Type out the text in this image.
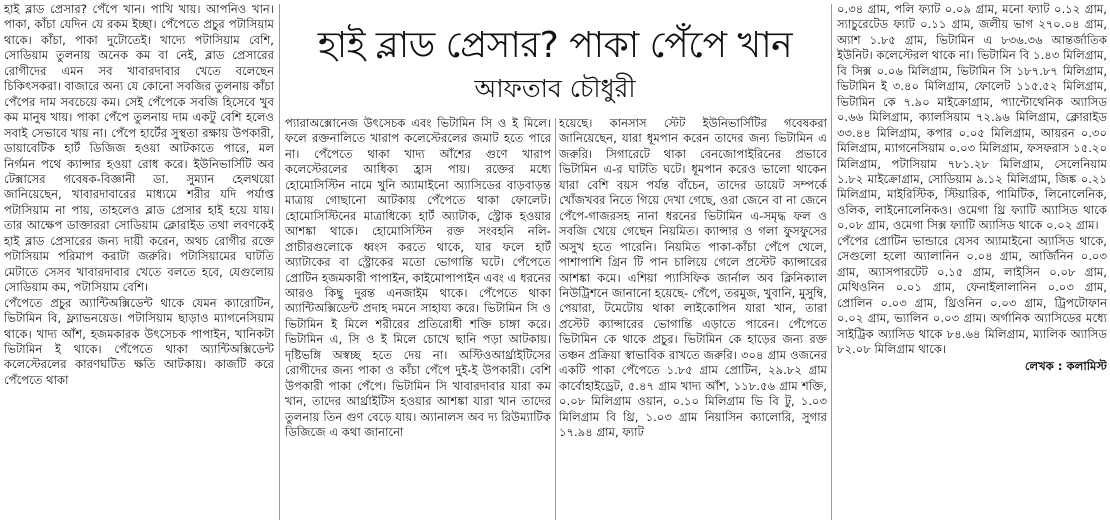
হাই ব্লাড প্রেসার? পাকা পেঁপে খান
আফতাব চৌধুরী

হাই ব্লাড প্রেসার? পেঁপে খান। পাখি খায়। আপনিও খান। পাকা, কাঁচা যেদিন যে রকম ইচ্ছা। পেঁপেতে প্রচুর পটাসিয়াম থাকে। কাঁচা, পাকা দুটোতেই। খাদ্যে পটাসিয়াম বেশি, সোডিয়াম তুলনায় অনেক কম বা নেই, ব্লাড প্রেসারের রোগীদের এমন সব খাবারদাবার খেতে বলেছেন চিকিৎসকরা। বাজারে অন্য যে কোনো সবজির তুলনায় কাঁচা পেঁপের দাম সবচেয়ে কম। সেই পেঁপেকে সবজি হিসেবে খুব কম মানুষ খায়। পাকা পেঁপে তুলনায় দাম একটু বেশি হলেও সবাই সেভাবে খায় না। পেঁপে হার্টের সুস্থতা রক্ষায় উপকারী, ডায়াবেটিক হার্ট ডিজিজ হওয়া আটকাতে পারে, মল নির্গমন পথে ক্যান্সার হওয়া রোধ করে। ইউনিভার্সিটি অব টেক্সাসের গবেষক-বিজ্ঞানী ডা. সুম্যান হেলথয়ো জানিয়েছেন, খাবারদাবারের মাধ্যমে শরীর যদি পর্যাপ্ত পটাসিয়াম না পায়, তাহলেও ব্লাড প্রেসার হাই হয়ে যায়। তার আক্ষেপ ডাক্তাররা সোডিয়াম ক্লোরাইড তথা লবণকেই হাই ব্লাড প্রেসারের জন্য দায়ী করেন, অথচ রোগীর রক্তে পটাসিয়াম পরিমাপ করাটা জরুরি। পটাসিয়ামের ঘাটতি মেটাতে সেসব খাবারদাবার খেতে বলতে হবে, যেগুলোয় সোডিয়াম কম, পটাসিয়াম বেশি।

পেঁপেতে প্রচুর অ্যান্টিঅক্সিডেন্ট থাকে যেমন ক্যারোটিন, ভিটামিন বি, ফ্ল্যাভনয়েড। পটাসিয়াম ছাড়াও ম্যাগনেসিয়াম থাকে। খাদ্য আঁশ, হজমকারক উৎসেচক পাপাইন, খানিকটা ভিটামিন ই থাকে। পেঁপেতে থাকা অ্যান্টিঅক্সিডেন্ট কলেস্টেরলের কারণঘটিত ক্ষতি আটকায়। কাজটি করে পেঁপেতে থাকা

প্যারাঅক্সোনেজ উৎসেচক এবং ভিটামিন সি ও ই মিলে। ফলে রক্তনালিতে খারাপ কলেস্টেরলের জমাট হতে পারে না। পেঁপেতে থাকা খাদ্য আঁশের গুণে খারাপ কলেস্টেরলের আধিক্য হ্রাস পায়। রক্তের মধ্যে হোমোসিস্টিন নামে খুনি অ্যামাইনো অ্যাসিডের বাড়বাড়ন্ত মাত্রায় গোছানো আটকায় পেঁপেতে থাকা ফোলেট। হোমোসিস্টিনের মাত্রাধিক্যে হার্ট অ্যাটাক, স্ট্রোক হওয়ার আশঙ্কা থাকে। হোমোসিস্টিন রক্ত সংবহনি নলি-প্রাচীরগুলোকে ধ্বংস করতে থাকে, যার ফলে হার্ট অ্যাটাকের বা স্ট্রোকের মতো ভোগান্তি ঘটে। পেঁপেতে প্রোটিন হজমকারী পাপাইন, কাইমোপাপাইন এবং এ ধরনের আরও কিছু দুরন্ত এনজাইম থাকে। পেঁপেতে থাকা অ্যান্টিঅক্সিডেন্ট প্রদাহ দমনে সাহায্য করে। ভিটামিন সি ও ভিটামিন ই মিলে শরীরের প্রতিরোধী শক্তি চাঙ্গা করে। ভিটামিন এ, সি ও ই মিলে চোখে ছানি পড়া আটকায়। দৃষ্টিভঙ্গি অস্বচ্ছ হতে দেয় না। অস্টিওআর্থ্রাইটিসের রোগীদের জন্য পাকা ও কাঁচা পেঁপে দুই-ই উপকারী। বেশি উপকারী পাকা পেঁপে। ভিটামিন সি খাবারদাবার যারা কম খান, তাদের আর্থ্রাইটিস হওয়ার আশঙ্কা যারা খান তাদের তুলনায় তিন গুণ বেড়ে যায়। অ্যানালস অব দ্য রিউম্যাটিক ডিজিজে এ কথা জানানো

হয়েছে। কানসাস স্টেট ইউনিভার্সিটির গবেষকরা জানিয়েছেন, যারা ধূমপান করেন তাদের জন্য ভিটামিন এ জরুরি। সিগারেটে থাকা বেনজোপাইরিনের প্রভাবে ভিটামিন এ-র ঘাটতি ঘটে। ধূমপান করেও ভালো থাকেন যারা বেশি বয়স পর্যন্ত বাঁচেন, তাদের ডায়েট সম্পর্কে খোঁজখবর নিতে গিয়ে দেখা গেছে, ওরা জেনে বা না জেনে পেঁপে-গাজরসহ নানা ধরনের ভিটামিন এ-সমৃদ্ধ ফল ও সবজি খেয়ে গেছেন নিয়মিত। ক্যান্সার ও গলা ফুসফুসের অসুখ হতে পারেনি। নিয়মিত পাকা-কাঁচা পেঁপে খেলে, পাশাপাশি গ্রিন টি পান চালিয়ে গেলে প্রস্টেট ক্যান্সারের আশঙ্কা কমে। এশিয়া প্যাসিফিক জার্নাল অব ক্লিনিক্যাল নিউট্রিশনে জানানো হয়েছে- পেঁপে, তরমুজ, খুবানি, মুসুম্বি, পেয়ারা, টমেটোয় থাকা লাইকোপিন যারা খান, তারা প্রস্টেট ক্যান্সারের ভোগান্তি এড়াতে পারেন। পেঁপেতে ভিটামিন কে থাকে প্রচুর। ভিটামিন কে হাড়ের জন্য রক্ত তঞ্চন প্রক্রিয়া স্বাভাবিক রাখতে জরুরি। ৩০৪ গ্রাম ওজনের একটি পাকা পেঁপেতে ১.৮৫ গ্রাম প্রোটিন, ২৯.৮২ গ্রাম কার্বোহাইড্রেট, ৫.৪৭ গ্রাম খাদ্য আঁশ, ১১৮.৫৬ গ্রাম শক্তি, ০.০৮ মিলিগ্রাম ওয়ান, ০.১০ মিলিগ্রাম ভি বি টু, ১.০৩ মিলিগ্রাম বি থ্রি, ১.০৩ গ্রাম নিয়াসিন ক্যালোরি, সুগার ১৭.৯৪ গ্রাম, ফ্যাট

০.৩৪ গ্রাম, পলি ফ্যাট ০.০৯ গ্রাম, মনো ফ্যাট ০.১২ গ্রাম, স্যাচুরেটেড ফ্যাট ০.১১ গ্রাম, জলীয় ভাগ ২৭০.০৪ গ্রাম, অ্যাশ ১.৮৫ গ্রাম, ভিটামিন এ ৮৩৬.৩৬ আন্তর্জাতিক ইউনিট। কলেস্টেরল থাকে না। ভিটামিন বি ১.৪৩ মিলিগ্রাম, বি সিক্স ০.০৬ মিলিগ্রাম, ভিটামিন সি ১৮৭.৮৭ মিলিগ্রাম, ভিটামিন ই ৩.৪০ মিলিগ্রাম, ফোলেট ১১৫.৫২ মিলিগ্রাম, ভিটামিন কে ৭.৯০ মাইক্রোগ্রাম, প্যান্টোথেনিক অ্যাসিড ০.৬৬ মিলিগ্রাম, ক্যালসিয়াম ৭২.৯৬ মিলিগ্রাম, ক্লোরাইড ৩৩.৪৪ মিলিগ্রাম, কপার ০.০৫ মিলিগ্রাম, আয়রন ০.৩০ মিলিগ্রাম, ম্যাগনেসিয়াম ০.০৩ মিলিগ্রাম, ফসফরাস ১৫.২০ মিলিগ্রাম, পটাসিয়াম ৭৮১.২৮ মিলিগ্রাম, সেলেনিয়াম ১.৮২ মাইক্রোগ্রাম, সোডিয়াম ৯.১২ মিলিগ্রাম, জিঙ্ক ০.২১ মিলিগ্রাম, মাইরিস্টিক, স্টিয়ারিক, পামিটিক, লিনোলেনিক, ওলিক, লাইনোলেনিকও। ওমেগা থ্রি ফ্যাটি অ্যাসিড থাকে ০.০৮ গ্রাম, ওমেগা সিক্স ফ্যাটি অ্যাসিড থাকে ০.০২ গ্রাম।

পেঁপের প্রোটিন ভান্ডারে যেসব অ্যামাইনো অ্যাসিড থাকে, সেগুলো হলো অ্যালানিন ০.০৪ গ্রাম, আর্জিনিন ০.০৩ গ্রাম, অ্যাসপারটেট ০.১৫ গ্রাম, লাইসিন ০.০৮ গ্রাম, মেথিওনিন ০.০১ গ্রাম, ফেনাইলালানিন ০.০৩ গ্রাম, প্রোলিন ০.০৩ গ্রাম, থ্রিওনিন ০.০৩ গ্রাম, ট্রিপটোফান ০.০২ গ্রাম, ভ্যালিন ০.০৩ গ্রাম। অর্গানিক অ্যাসিডের মধ্যে সাইট্রিক অ্যাসিড থাকে ৮৪.৬৪ মিলিগ্রাম, ম্যালিক অ্যাসিড ৮২.০৮ মিলিগ্রাম থাকে।

লেখক : কলামিস্ট
